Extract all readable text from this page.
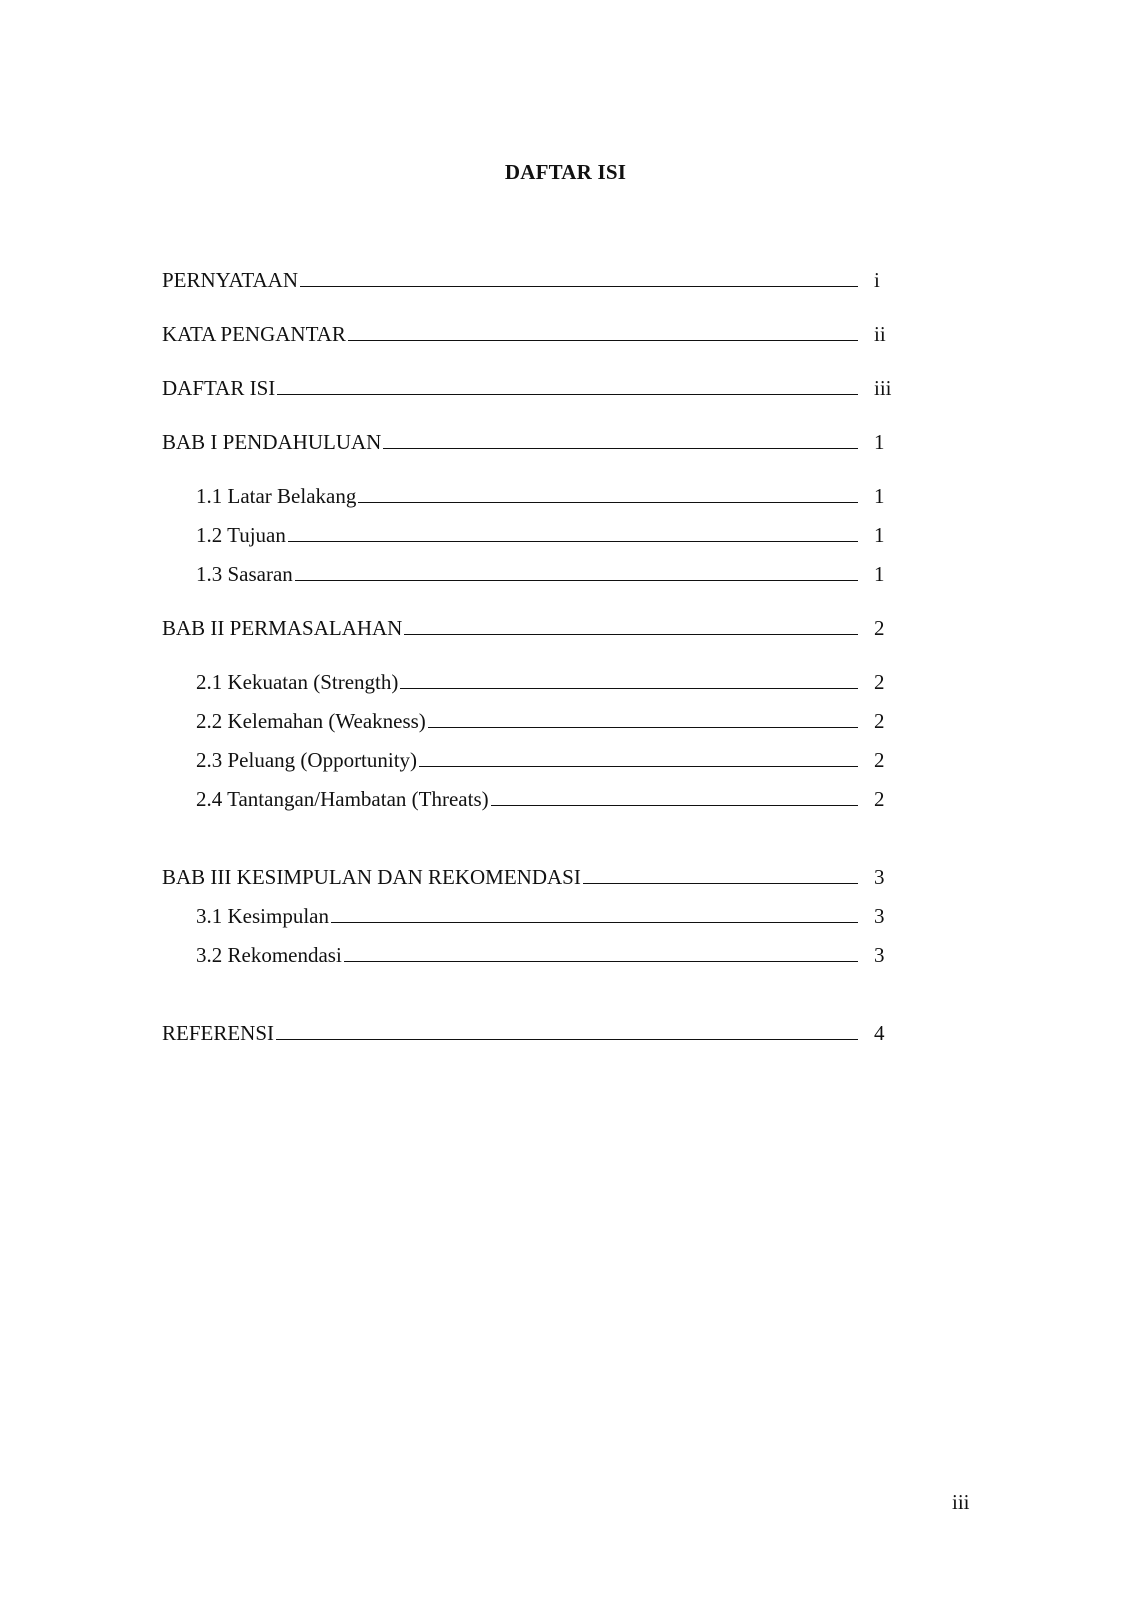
DAFTAR ISI
PERNYATAAN	i
KATA PENGANTAR	ii
DAFTAR ISI	iii
BAB I PENDAHULUAN	1
1.1 Latar Belakang	1
1.2 Tujuan	1
1.3 Sasaran	1
BAB II PERMASALAHAN	2
2.1 Kekuatan (Strength)	2
2.2 Kelemahan (Weakness)	2
2.3 Peluang (Opportunity)	2
2.4 Tantangan/Hambatan (Threats)	2
BAB III KESIMPULAN DAN REKOMENDASI	3
3.1 Kesimpulan	3
3.2 Rekomendasi	3
REFERENSI	4
iii
